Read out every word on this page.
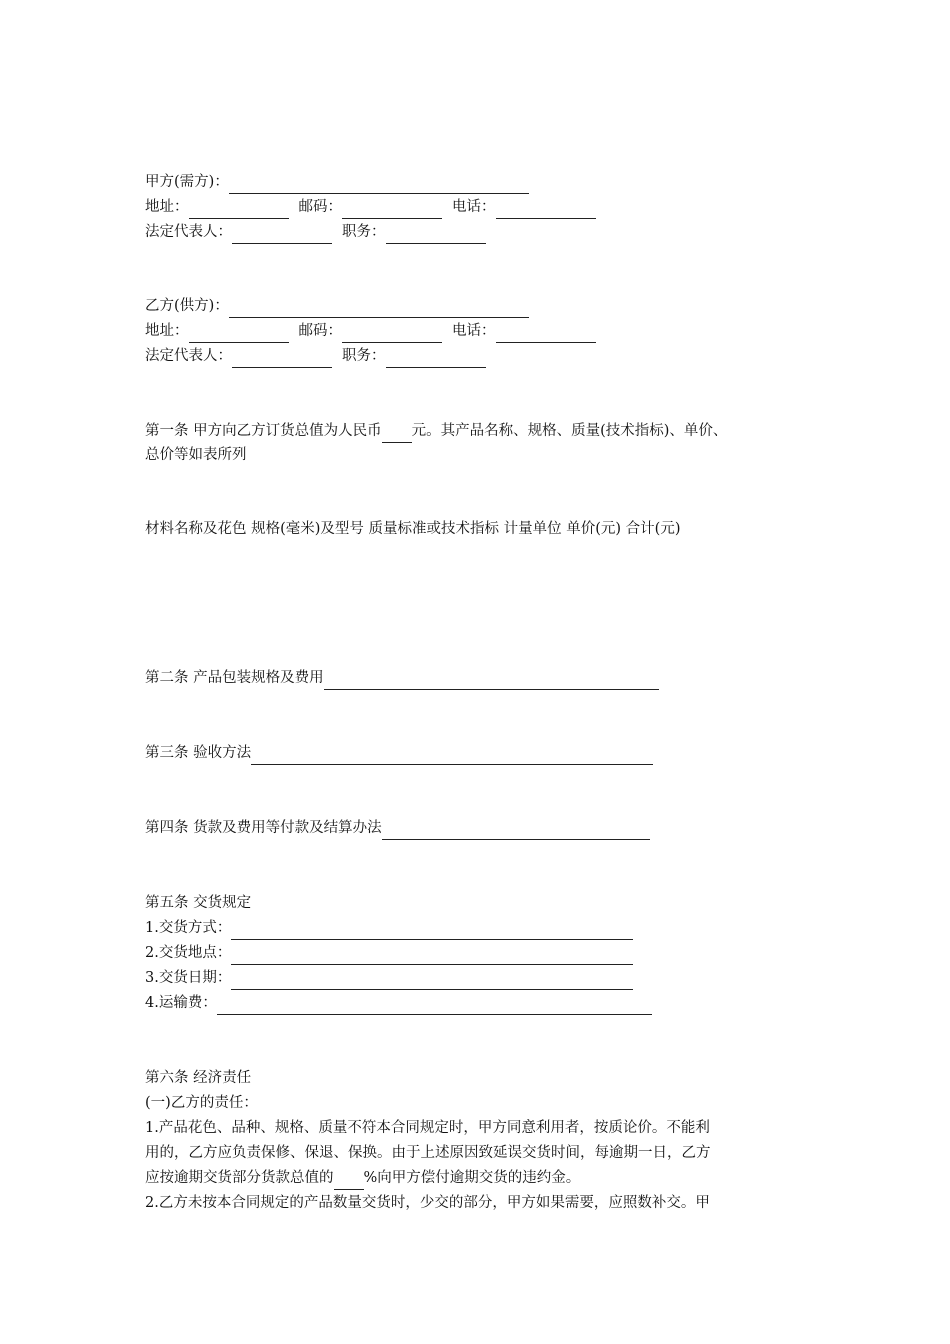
甲方(需方)：
地址：	邮码：	电话：
法定代表人：	职务：
乙方(供方)：
地址：	邮码：	电话：
法定代表人：	职务：
第一条 甲方向乙方订货总值为人民币 元。其产品名称、规格、质量(技术指标)、单价、
总价等如表所列
材料名称及花色 规格(毫米)及型号 质量标准或技术指标 计量单位 单价(元) 合计(元)
第二条 产品包装规格及费用
第三条 验收方法
第四条 货款及费用等付款及结算办法
第五条 交货规定
1.交货方式：
2.交货地点：
3.交货日期：
4.运输费：
第六条 经济责任
(一)乙方的责任：
1.产品花色、品种、规格、质量不符本合同规定时，甲方同意利用者，按质论价。不能利
用的，乙方应负责保修、保退、保换。由于上述原因致延误交货时间，每逾期一日，乙方
应按逾期交货部分货款总值的 %向甲方偿付逾期交货的违约金。
2.乙方未按本合同规定的产品数量交货时，少交的部分，甲方如果需要，应照数补交。甲
